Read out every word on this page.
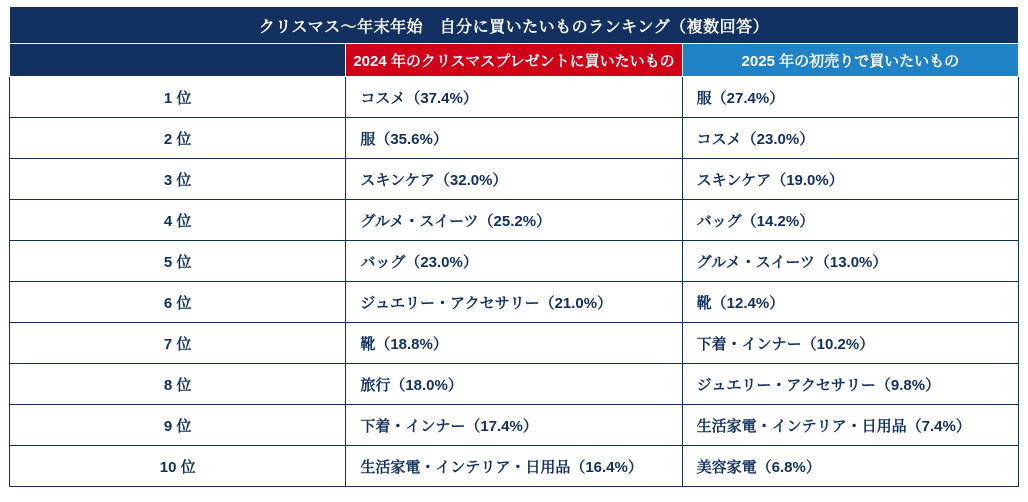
クリスマス〜年末年始　自分に買いたいものランキング（複数回答）		
	2024 年のクリスマスプレゼントに買いたいもの	2025 年の初売りで買いたいもの
1 位	コスメ（37.4%）	服（27.4%）
2 位	服（35.6%）	コスメ（23.0%）
3 位	スキンケア（32.0%）	スキンケア（19.0%）
4 位	グルメ・スイーツ（25.2%）	バッグ（14.2%）
5 位	バッグ（23.0%）	グルメ・スイーツ（13.0%）
6 位	ジュエリー・アクセサリー（21.0%）	靴（12.4%）
7 位	靴（18.8%）	下着・インナー（10.2%）
8 位	旅行（18.0%）	ジュエリー・アクセサリー（9.8%）
9 位	下着・インナー（17.4%）	生活家電・インテリア・日用品（7.4%）
10 位	生活家電・インテリア・日用品（16.4%）	美容家電（6.8%）
